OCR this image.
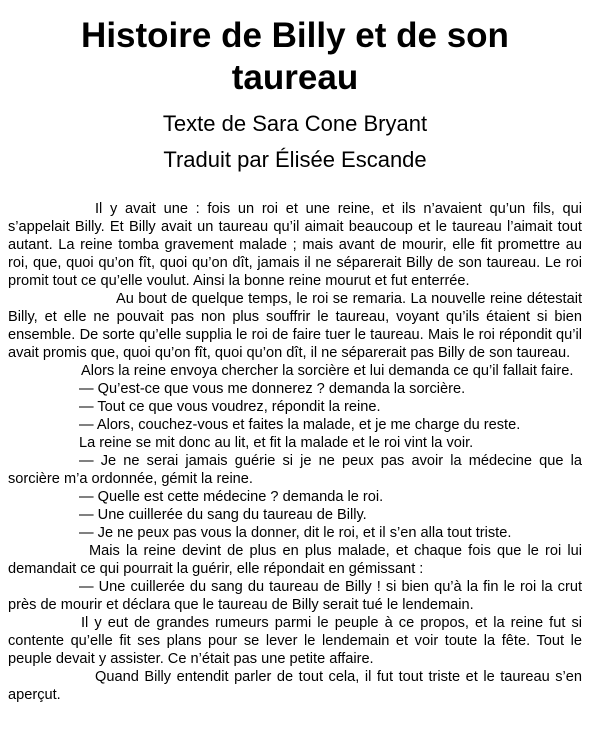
Histoire de Billy et de son taureau
Texte de Sara Cone Bryant
Traduit par Élisée Escande

Il y avait une : fois un roi et une reine, et ils n’avaient qu’un fils, qui s’appelait Billy. Et Billy avait un taureau qu’il aimait beaucoup et le taureau l’aimait tout autant. La reine tomba gravement malade ; mais avant de mourir, elle fit promettre au roi, que, quoi qu’on fît, quoi qu’on dît, jamais il ne séparerait Billy de son taureau. Le roi promit tout ce qu’elle voulut. Ainsi la bonne reine mourut et fut enterrée.

Au bout de quelque temps, le roi se remaria. La nouvelle reine détestait Billy, et elle ne pouvait pas non plus souffrir le taureau, voyant qu’ils étaient si bien ensemble. De sorte qu’elle supplia le roi de faire tuer le taureau. Mais le roi répondit qu’il avait promis que, quoi qu’on fît, quoi qu’on dît, il ne séparerait pas Billy de son taureau.

Alors la reine envoya chercher la sorcière et lui demanda ce qu’il fallait faire.

— Qu’est-ce que vous me donnerez ? demanda la sorcière.

— Tout ce que vous voudrez, répondit la reine.

— Alors, couchez-vous et faites la malade, et je me charge du reste.

La reine se mit donc au lit, et fit la malade et le roi vint la voir.

— Je ne serai jamais guérie si je ne peux pas avoir la médecine que la sorcière m’a ordonnée, gémit la reine.

— Quelle est cette médecine ? demanda le roi.

— Une cuillerée du sang du taureau de Billy.

— Je ne peux pas vous la donner, dit le roi, et il s’en alla tout triste.

Mais la reine devint de plus en plus malade, et chaque fois que le roi lui demandait ce qui pourrait la guérir, elle répondait en gémissant :

— Une cuillerée du sang du taureau de Billy ! si bien qu’à la fin le roi la crut près de mourir et déclara que le taureau de Billy serait tué le lendemain.

Il y eut de grandes rumeurs parmi le peuple à ce propos, et la reine fut si contente qu’elle fit ses plans pour se lever le lendemain et voir toute la fête. Tout le peuple devait y assister. Ce n’était pas une petite affaire.

Quand Billy entendit parler de tout cela, il fut tout triste et le taureau s’en aperçut.
